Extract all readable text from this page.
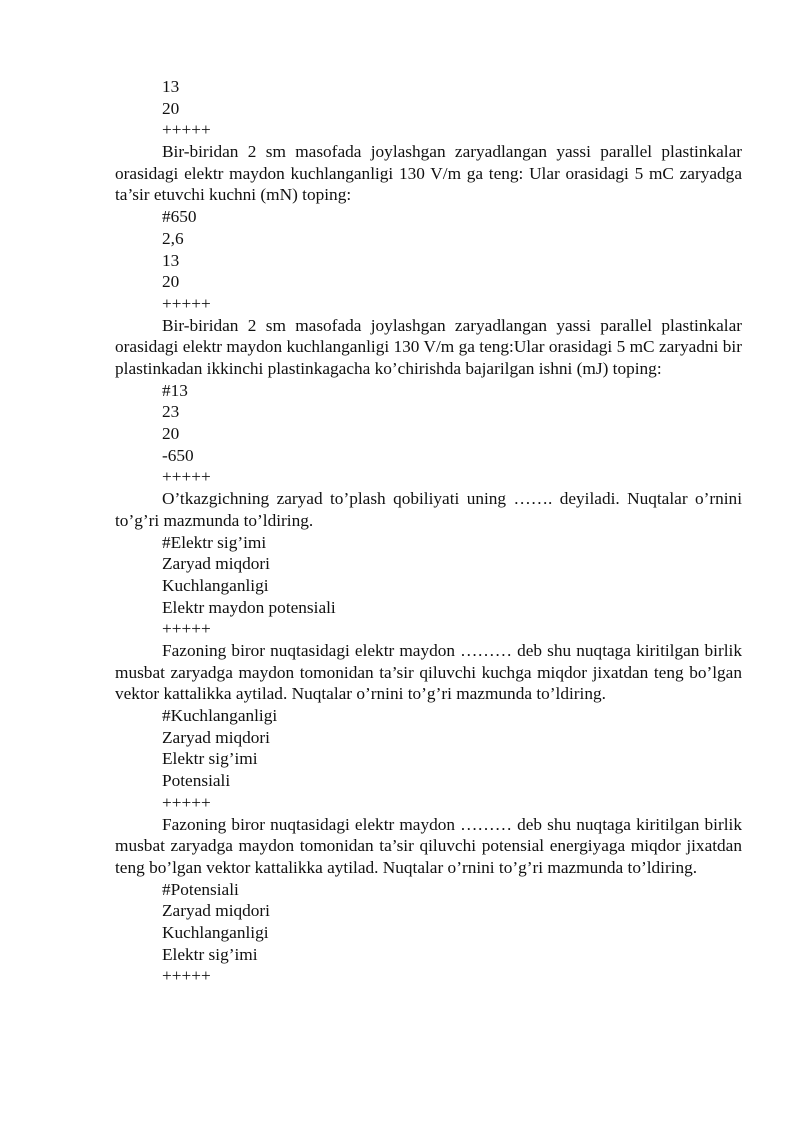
13
20
+++++

Bir-biridan 2 sm masofada joylashgan zaryadlangan yassi parallel plastinkalar orasidagi elektr maydon kuchlanganligi 130 V/m ga teng: Ular orasidagi 5 mC zaryadga ta’sir etuvchi kuchni (mN) toping:

#650
2,6
13
20
+++++

Bir-biridan 2 sm masofada joylashgan zaryadlangan yassi parallel plastinkalar orasidagi elektr maydon kuchlanganligi 130 V/m ga teng:Ular orasidagi 5 mC zaryadni bir plastinkadan ikkinchi plastinkagacha ko’chirishda bajarilgan ishni (mJ) toping:

#13
23
20
-650
+++++

O’tkazgichning zaryad to’plash qobiliyati uning ……. deyiladi. Nuqtalar o’rnini to’g’ri mazmunda to’ldiring.

#Elektr sig’imi
Zaryad miqdori
Kuchlanganligi
Elektr maydon potensiali
+++++

Fazoning biror nuqtasidagi elektr maydon ……… deb shu nuqtaga kiritilgan birlik musbat zaryadga maydon tomonidan ta’sir qiluvchi kuchga miqdor jixatdan teng bo’lgan vektor kattalikka aytilad. Nuqtalar o’rnini to’g’ri mazmunda to’ldiring.

#Kuchlanganligi
Zaryad miqdori
Elektr sig’imi
Potensiali
+++++

Fazoning biror nuqtasidagi elektr maydon ……… deb shu nuqtaga kiritilgan birlik musbat zaryadga maydon tomonidan ta’sir qiluvchi potensial energiyaga miqdor jixatdan teng bo’lgan vektor kattalikka aytilad. Nuqtalar o’rnini to’g’ri mazmunda to’ldiring.

#Potensiali
Zaryad miqdori
Kuchlanganligi
Elektr sig’imi
+++++
